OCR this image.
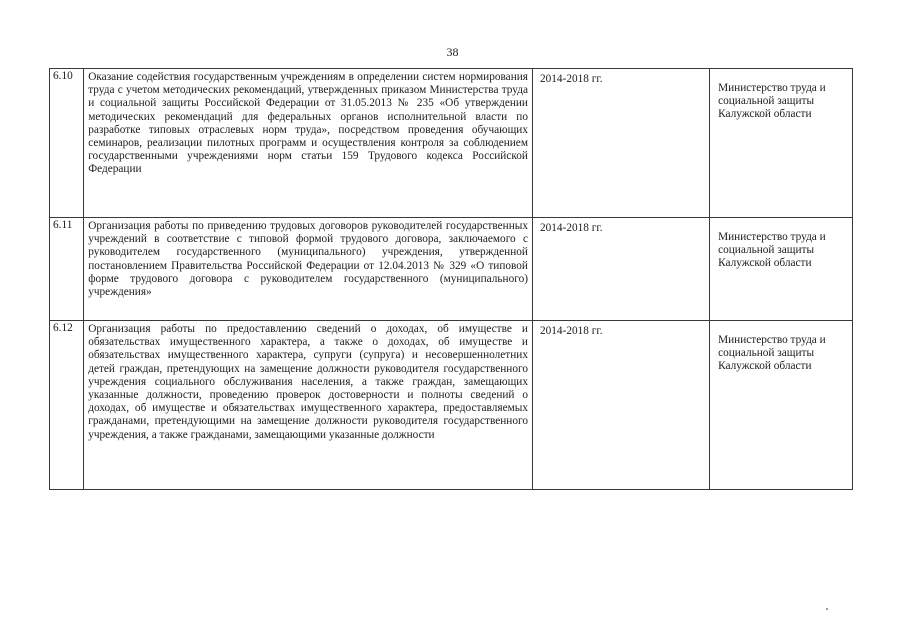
38
6.10	Оказание содействия государственным учреждениям в определении систем нормирования труда с учетом методических рекомендаций, утвержденных приказом Министерства труда и социальной защиты Российской Федерации от 31.05.2013 № 235 «Об утверждении методических рекомендаций для федеральных органов исполнительной власти по разработке типовых отраслевых норм труда», посредством проведения обучающих семинаров, реализации пилотных программ и осуществления контроля за соблюдением государственными учреждениями норм статьи 159 Трудового кодекса Российской Федерации	2014-2018 гг.		Министерство труда и социальной защиты Калужской области
6.11	Организация работы по приведению трудовых договоров руководителей государственных учреждений в соответствие с типовой формой трудового договора, заключаемого с руководителем государственного (муниципального) учреждения, утвержденной постановлением Правительства Российской Федерации от 12.04.2013 № 329 «О типовой форме трудового договора с руководителем государственного (муниципального) учреждения»	2014-2018 гг.		Министерство труда и социальной защиты Калужской области
6.12	Организация работы по предоставлению сведений о доходах, об имуществе и обязательствах имущественного характера, а также о доходах, об имуществе и обязательствах имущественного характера, супруги (супруга) и несовершеннолетних детей граждан, претендующих на замещение должности руководителя государственного учреждения социального обслуживания населения, а также граждан, замещающих указанные должности, проведению проверок достоверности и полноты сведений о доходах, об имуществе и обязательствах имущественного характера, предоставляемых гражданами, претендующими на замещение должности руководителя государственного учреждения, а также гражданами, замещающими указанные должности	2014-2018 гг.		Министерство труда и социальной защиты Калужской области
